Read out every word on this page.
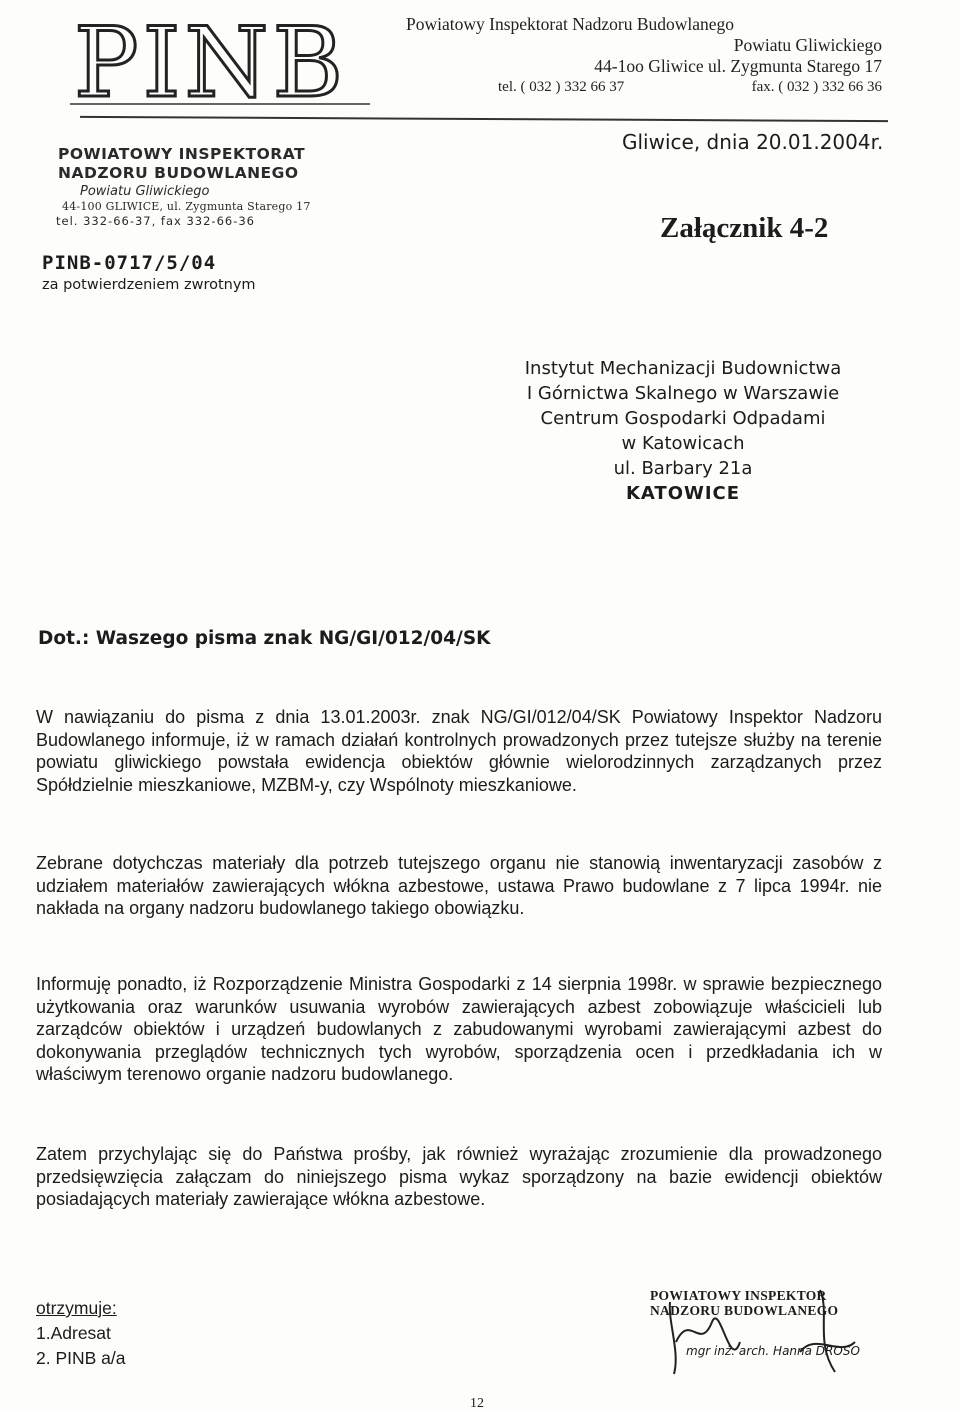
PINB	Powiatowy Inspektorat Nadzoru Budowlanego
Powiatu Gliwickiego
44-1oo Gliwice ul. Zygmunta Starego 17
tel. ( 032 ) 332 66 37	fax. ( 032 ) 332 66 36
POWIATOWY INSPEKTORAT
NADZORU BUDOWLANEGO
Powiatu Gliwickiego
44-100 GLIWICE, ul. Zygmunta Starego 17
tel. 332-66-37, fax 332-66-36
PINB-0717/5/04
za potwierdzeniem zwrotnym
Gliwice, dnia 20.01.2004r.
Załącznik 4-2
Instytut Mechanizacji Budownictwa
I Górnictwa Skalnego w Warszawie
Centrum Gospodarki Odpadami
w Katowicach
ul. Barbary 21a
KATOWICE
Dot.: Waszego pisma znak NG/GI/012/04/SK
W nawiązaniu do pisma z dnia 13.01.2003r. znak NG/GI/012/04/SK Powiatowy Inspektor Nadzoru Budowlanego informuje, iż w ramach działań kontrolnych prowadzonych przez tutejsze służby na terenie powiatu gliwickiego powstała ewidencja obiektów głównie wielorodzinnych zarządzanych przez Spółdzielnie mieszkaniowe, MZBM-y, czy Wspólnoty mieszkaniowe.
Zebrane dotychczas materiały dla potrzeb tutejszego organu nie stanowią inwentaryzacji zasobów z udziałem materiałów zawierających włókna azbestowe, ustawa Prawo budowlane z 7 lipca 1994r. nie nakłada na organy nadzoru budowlanego takiego obowiązku.
Informuję ponadto, iż Rozporządzenie Ministra Gospodarki z 14 sierpnia 1998r. w sprawie bezpiecznego użytkowania oraz warunków usuwania wyrobów zawierających azbest zobowiązuje właścicieli lub zarządców obiektów i urządzeń budowlanych z zabudowanymi wyrobami zawierającymi azbest do dokonywania przeglądów technicznych tych wyrobów, sporządzenia ocen i przedkładania ich w właściwym terenowo organie nadzoru budowlanego.
Zatem przychylając się do Państwa prośby, jak również wyrażając zrozumienie dla prowadzonego przedsięwzięcia załączam do niniejszego pisma wykaz sporządzony na bazie ewidencji obiektów posiadających materiały zawierające włókna azbestowe.
otrzymuje:
1.Adresat
2. PINB a/a
POWIATOWY INSPEKTOR
NADZORU BUDOWLANEGO
mgr inż. arch. Hanna DROSO
12
